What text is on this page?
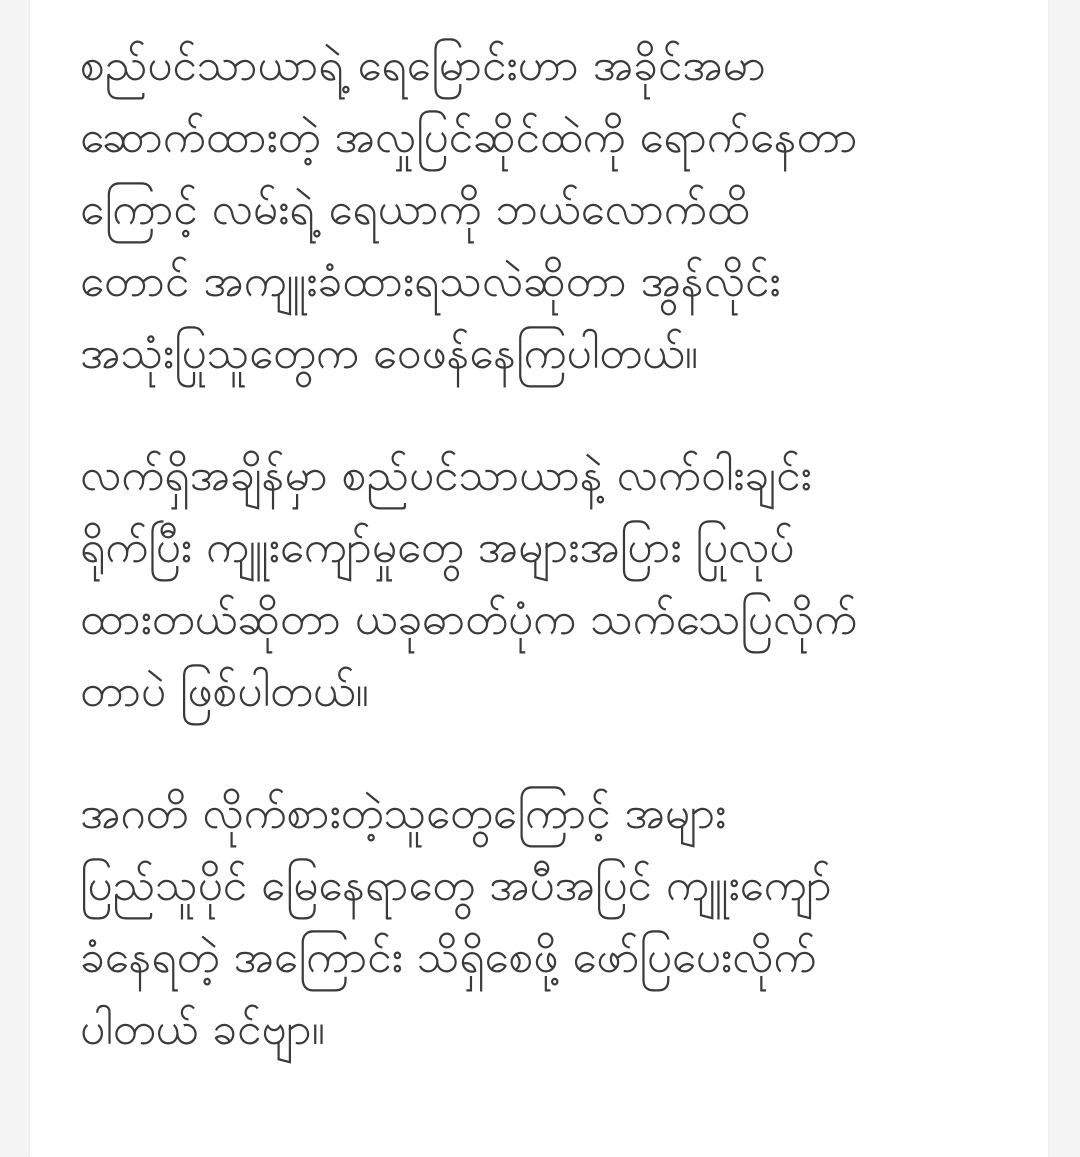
စည်ပင်သာယာရဲ့ ရေမြောင်းဟာ အခိုင်အမာ
ဆောက်ထားတဲ့ အလှုပြင်ဆိုင်ထဲကို ရောက်နေတာ
ကြောင့် လမ်းရဲ့ ရေယာကို ဘယ်လောက်ထိ
တောင် အကျူးခံထားရသလဲဆိုတာ အွန်လိုင်း
အသုံးပြုသူတွေက ဝေဖန်နေကြပါတယ်။

လက်ရှိအချိန်မှာ စည်ပင်သာယာနဲ့ လက်ဝါးချင်း
ရိုက်ပြီး ကျူးကျော်မှုတွေ အများအပြား ပြုလုပ်
ထားတယ်ဆိုတာ ယခုဓာတ်ပုံက သက်သေပြလိုက်
တာပဲ ဖြစ်ပါတယ်။

အဂတိ လိုက်စားတဲ့သူတွေကြောင့် အများ
ပြည်သူပိုင် မြေနေရာတွေ အပီအပြင် ကျူးကျော်
ခံနေရတဲ့ အကြောင်း သိရှိစေဖို့ ဖော်ပြပေးလိုက်
ပါတယ် ခင်ဗျာ။
